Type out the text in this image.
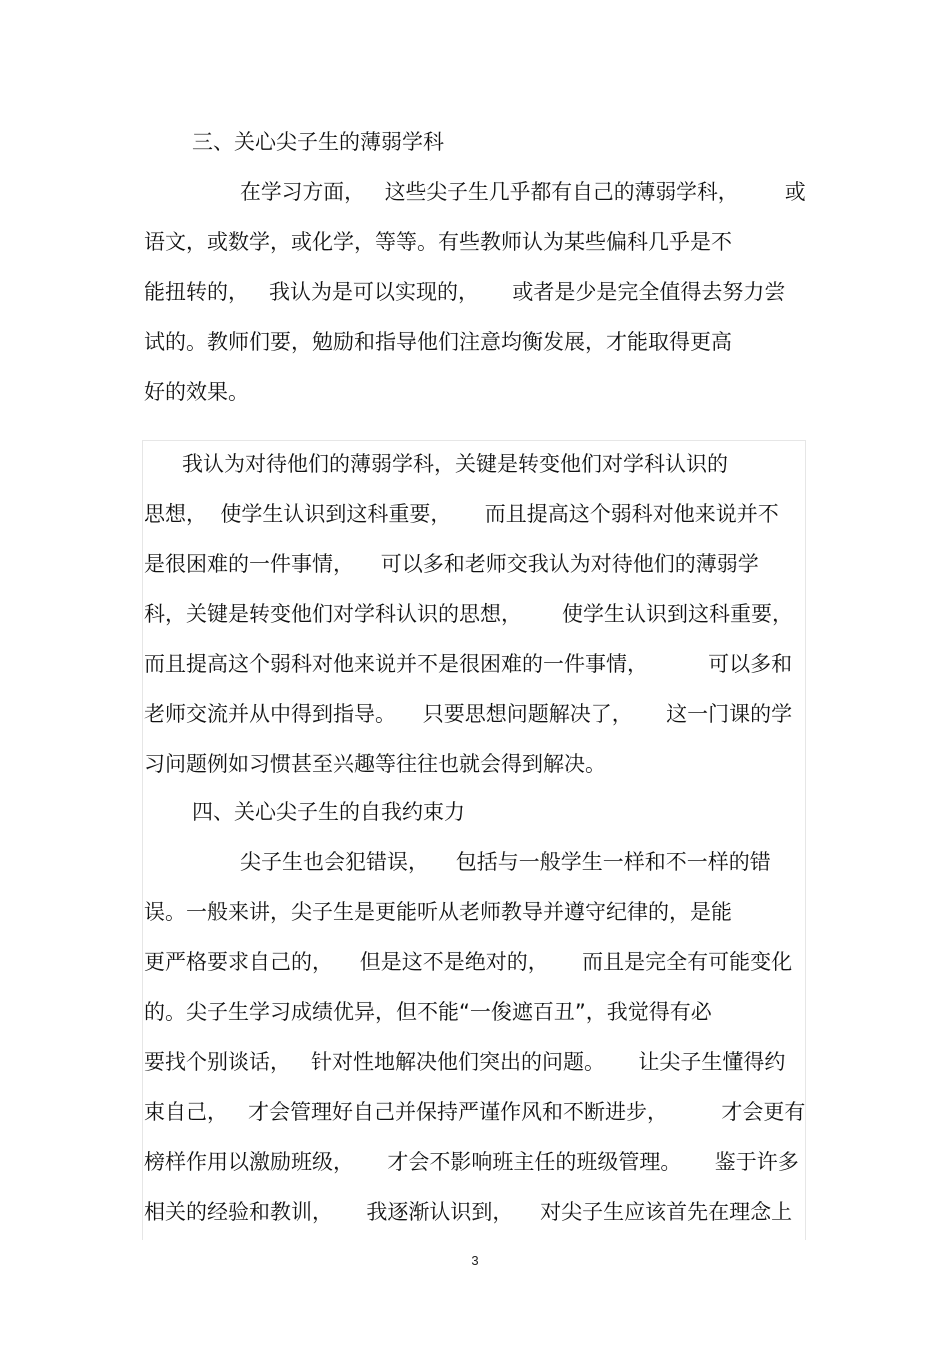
三、关心尖子生的薄弱学科
在学习方面，   这些尖子生几乎都有自己的薄弱学科，       或
语文，或数学，或化学，等等。有些教师认为某些偏科几乎是不
能扭转的，   我认为是可以实现的，     或者是少是完全值得去努力尝
试的。教师们要，勉励和指导他们注意均衡发展，才能取得更高
好的效果。
我认为对待他们的薄弱学科，关键是转变他们对学科认识的
思想，  使学生认识到这科重要，     而且提高这个弱科对他来说并不
是很困难的一件事情，    可以多和老师交我认为对待他们的薄弱学
科，关键是转变他们对学科认识的思想，      使学生认识到这科重要，
而且提高这个弱科对他来说并不是很困难的一件事情，         可以多和
老师交流并从中得到指导。    只要思想问题解决了，     这一门课的学
习问题例如习惯甚至兴趣等往往也就会得到解决。
四、关心尖子生的自我约束力
尖子生也会犯错误，    包括与一般学生一样和不一样的错
误。一般来讲，尖子生是更能听从老师教导并遵守纪律的，是能
更严格要求自己的，    但是这不是绝对的，     而且是完全有可能变化
的。尖子生学习成绩优异，但不能“一俊遮百丑”，我觉得有必
要找个别谈话，   针对性地解决他们突出的问题。     让尖子生懂得约
束自己，   才会管理好自己并保持严谨作风和不断进步，        才会更有
榜样作用以激励班级，     才会不影响班主任的班级管理。     鉴于许多
相关的经验和教训，     我逐渐认识到，    对尖子生应该首先在理念上
3
